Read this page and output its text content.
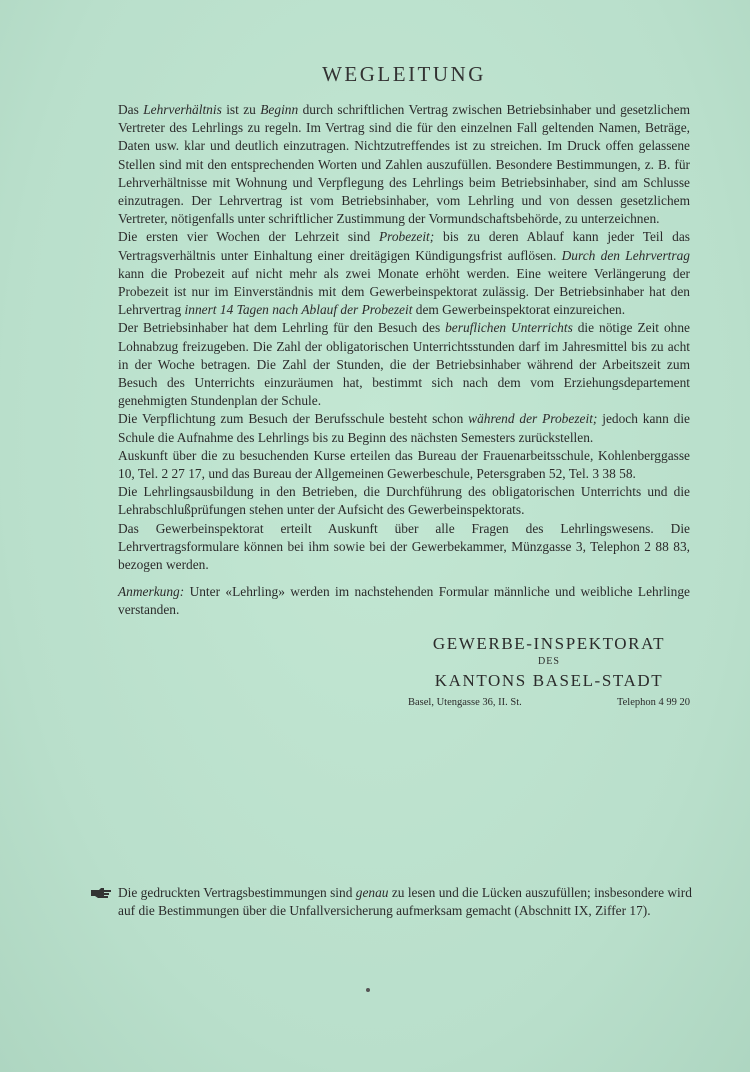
WEGLEITUNG

Das Lehrverhältnis ist zu Beginn durch schriftlichen Vertrag zwischen Betriebsinhaber und gesetzlichem Vertreter des Lehrlings zu regeln. Im Vertrag sind die für den einzelnen Fall geltenden Namen, Beträge, Daten usw. klar und deutlich einzutragen. Nichtzutreffendes ist zu streichen. Im Druck offen gelassene Stellen sind mit den entsprechenden Worten und Zahlen auszufüllen. Besondere Bestimmungen, z. B. für Lehrverhältnisse mit Wohnung und Verpflegung des Lehrlings beim Betriebsinhaber, sind am Schlusse einzutragen. Der Lehrvertrag ist vom Betriebsinhaber, vom Lehrling und von dessen gesetzlichem Vertreter, nötigenfalls unter schriftlicher Zustimmung der Vormundschaftsbehörde, zu unterzeichnen.

Die ersten vier Wochen der Lehrzeit sind Probezeit; bis zu deren Ablauf kann jeder Teil das Vertragsverhältnis unter Einhaltung einer dreitägigen Kündigungsfrist auflösen. Durch den Lehrvertrag kann die Probezeit auf nicht mehr als zwei Monate erhöht werden. Eine weitere Verlängerung der Probezeit ist nur im Einverständnis mit dem Gewerbeinspektorat zulässig. Der Betriebsinhaber hat den Lehrvertrag innert 14 Tagen nach Ablauf der Probezeit dem Gewerbeinspektorat einzureichen.

Der Betriebsinhaber hat dem Lehrling für den Besuch des beruflichen Unterrichts die nötige Zeit ohne Lohnabzug freizugeben. Die Zahl der obligatorischen Unterrichtsstunden darf im Jahresmittel bis zu acht in der Woche betragen. Die Zahl der Stunden, die der Betriebsinhaber während der Arbeitszeit zum Besuch des Unterrichts einzuräumen hat, bestimmt sich nach dem vom Erziehungsdepartement genehmigten Stundenplan der Schule.

Die Verpflichtung zum Besuch der Berufsschule besteht schon während der Probezeit; jedoch kann die Schule die Aufnahme des Lehrlings bis zu Beginn des nächsten Semesters zurückstellen.

Auskunft über die zu besuchenden Kurse erteilen das Bureau der Frauenarbeitsschule, Kohlenberggasse 10, Tel. 2 27 17, und das Bureau der Allgemeinen Gewerbeschule, Petersgraben 52, Tel. 3 38 58.

Die Lehrlingsausbildung in den Betrieben, die Durchführung des obligatorischen Unterrichts und die Lehrabschlußprüfungen stehen unter der Aufsicht des Gewerbeinspektorats.

Das Gewerbeinspektorat erteilt Auskunft über alle Fragen des Lehrlingswesens. Die Lehrvertragsformulare können bei ihm sowie bei der Gewerbekammer, Münzgasse 3, Telephon 2 88 83, bezogen werden.

Anmerkung: Unter «Lehrling» werden im nachstehenden Formular männliche und weibliche Lehrlinge verstanden.

GEWERBE-INSPEKTORAT
DES
KANTONS BASEL-STADT
Basel, Utengasse 36, II. St.	Telephon 4 99 20
Die gedruckten Vertragsbestimmungen sind genau zu lesen und die Lücken auszufüllen; insbesondere wird auf die Bestimmungen über die Unfallversicherung aufmerksam gemacht (Abschnitt IX, Ziffer 17).
